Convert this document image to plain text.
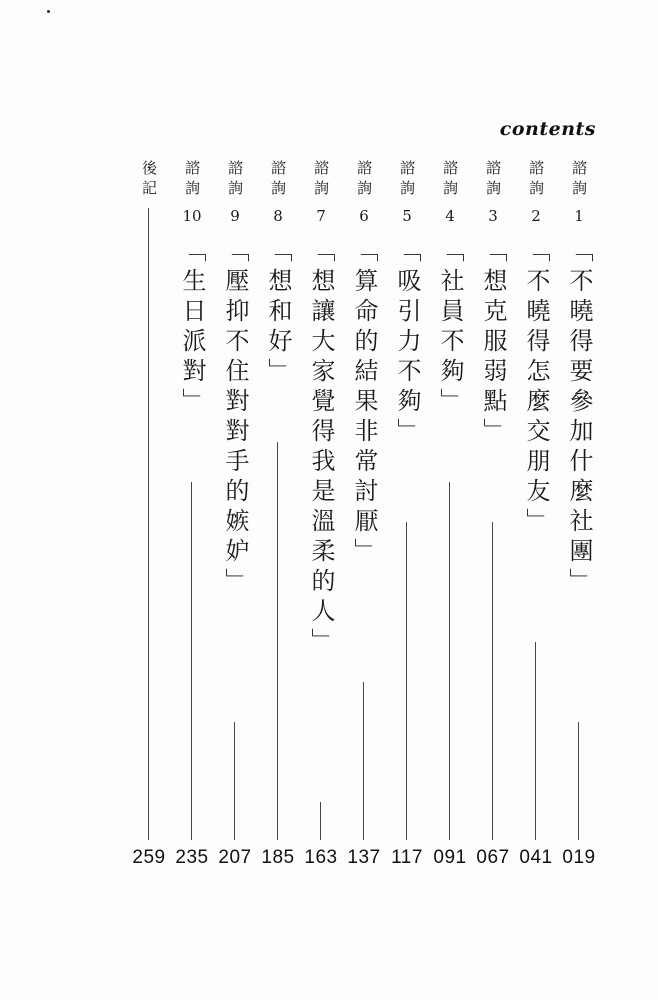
contents
諮詢
1
「不曉得要參加什麼社團」
019
諮詢
2
「不曉得怎麼交朋友」
041
諮詢
3
「想克服弱點」
067
諮詢
4
「社員不夠」
091
諮詢
5
「吸引力不夠」
117
諮詢
6
「算命的結果非常討厭」
137
諮詢
7
「想讓大家覺得我是溫柔的人」
163
諮詢
8
「想和好」
185
諮詢
9
「壓抑不住對對手的嫉妒」
207
諮詢
10
「生日派對」
235
後記
259
